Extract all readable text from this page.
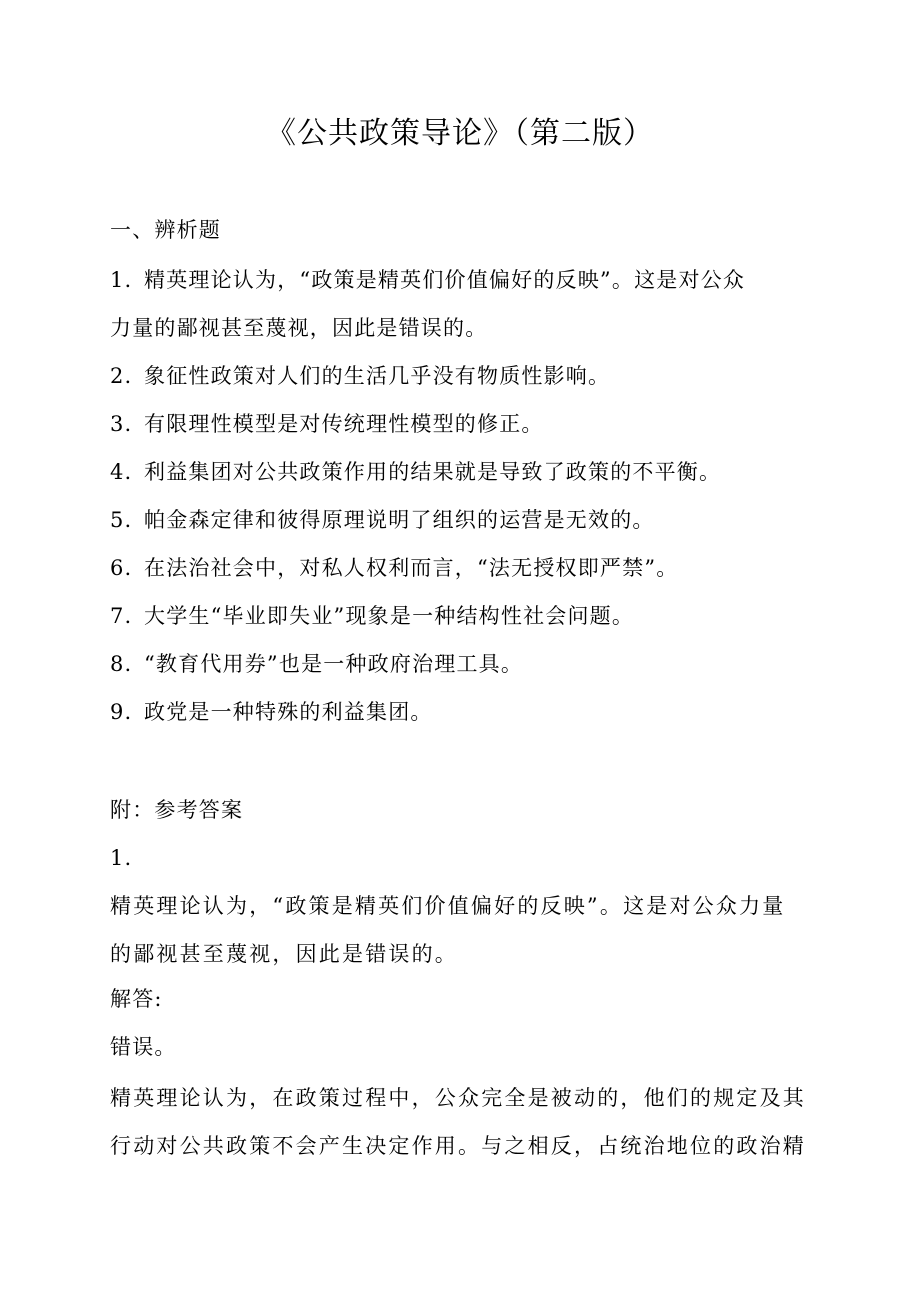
《公共政策导论》（第二版）
一、辨析题
1. 精英理论认为，“政策是精英们价值偏好的反映”。这是对公众
力量的鄙视甚至蔑视，因此是错误的。
2. 象征性政策对人们的生活几乎没有物质性影响。
3. 有限理性模型是对传统理性模型的修正。
4. 利益集团对公共政策作用的结果就是导致了政策的不平衡。
5. 帕金森定律和彼得原理说明了组织的运营是无效的。
6. 在法治社会中，对私人权利而言，“法无授权即严禁”。
7. 大学生“毕业即失业”现象是一种结构性社会问题。
8. “教育代用券”也是一种政府治理工具。
9. 政党是一种特殊的利益集团。
附：参考答案
1.
精英理论认为，“政策是精英们价值偏好的反映”。这是对公众力量
的鄙视甚至蔑视，因此是错误的。
解答:
错误。
精英理论认为，在政策过程中，公众完全是被动的，他们的规定及其
行动对公共政策不会产生决定作用。与之相反，占统治地位的政治精
